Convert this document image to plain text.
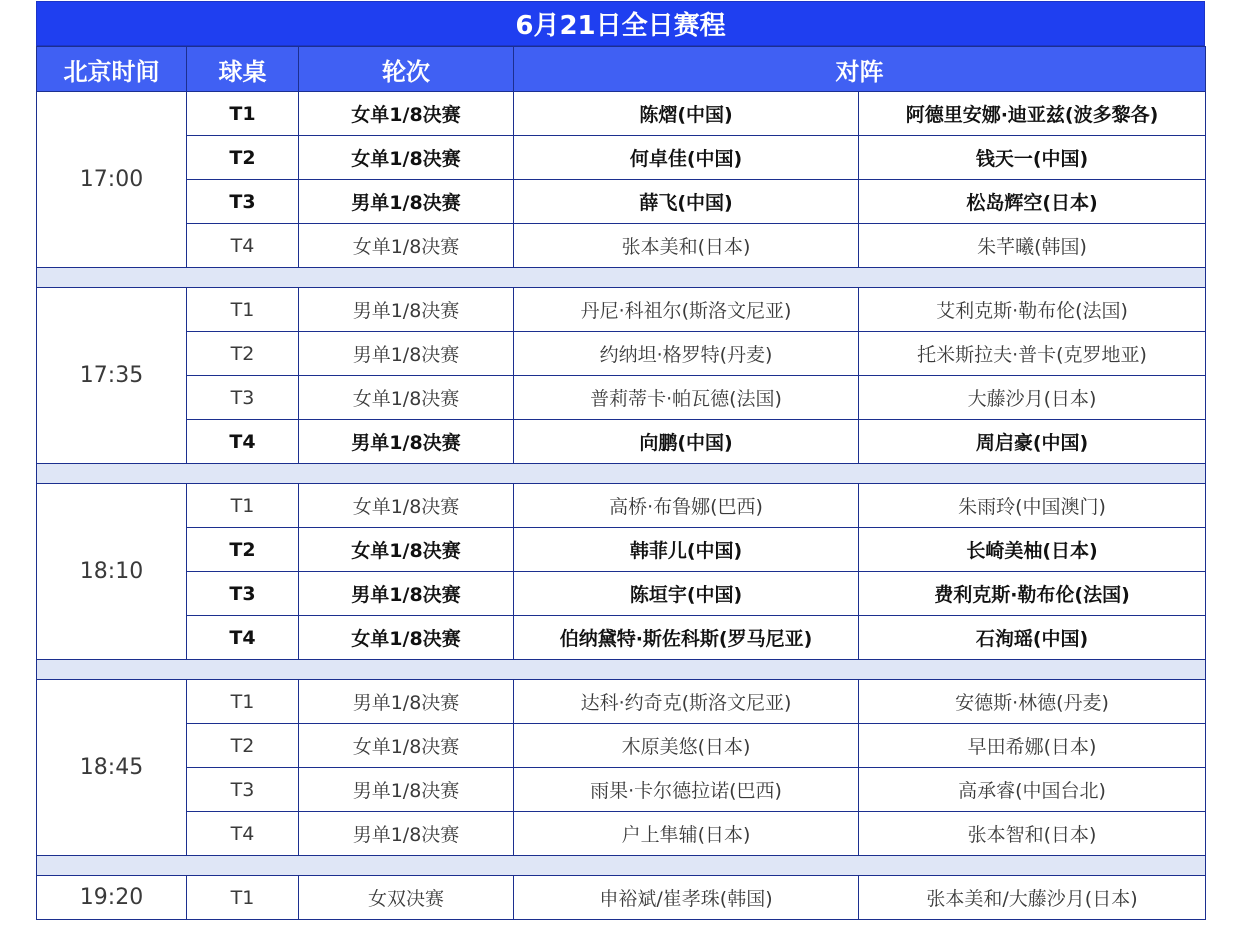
6月21日全日赛程
北京时间	球桌	轮次	对阵	
17:00	T1	女单1/8决赛	陈熠(中国)	阿德里安娜·迪亚兹(波多黎各)
	T2	女单1/8决赛	何卓佳(中国)	钱天一(中国)
	T3	男单1/8决赛	薛飞(中国)	松岛辉空(日本)
	T4	女单1/8决赛	张本美和(日本)	朱芊曦(韩国)

17:35	T1	男单1/8决赛	丹尼·科祖尔(斯洛文尼亚)	艾利克斯·勒布伦(法国)
	T2	男单1/8决赛	约纳坦·格罗特(丹麦)	托米斯拉夫·普卡(克罗地亚)
	T3	女单1/8决赛	普莉蒂卡·帕瓦德(法国)	大藤沙月(日本)
	T4	男单1/8决赛	向鹏(中国)	周启豪(中国)

18:10	T1	女单1/8决赛	高桥·布鲁娜(巴西)	朱雨玲(中国澳门)
	T2	女单1/8决赛	韩菲儿(中国)	长崎美柚(日本)
	T3	男单1/8决赛	陈垣宇(中国)	费利克斯·勒布伦(法国)
	T4	女单1/8决赛	伯纳黛特·斯佐科斯(罗马尼亚)	石洵瑶(中国)

18:45	T1	男单1/8决赛	达科·约奇克(斯洛文尼亚)	安德斯·林德(丹麦)
	T2	女单1/8决赛	木原美悠(日本)	早田希娜(日本)
	T3	男单1/8决赛	雨果·卡尔德拉诺(巴西)	高承睿(中国台北)
	T4	男单1/8决赛	户上隼辅(日本)	张本智和(日本)

19:20	T1	女双决赛	申裕斌/崔孝珠(韩国)	张本美和/大藤沙月(日本)
